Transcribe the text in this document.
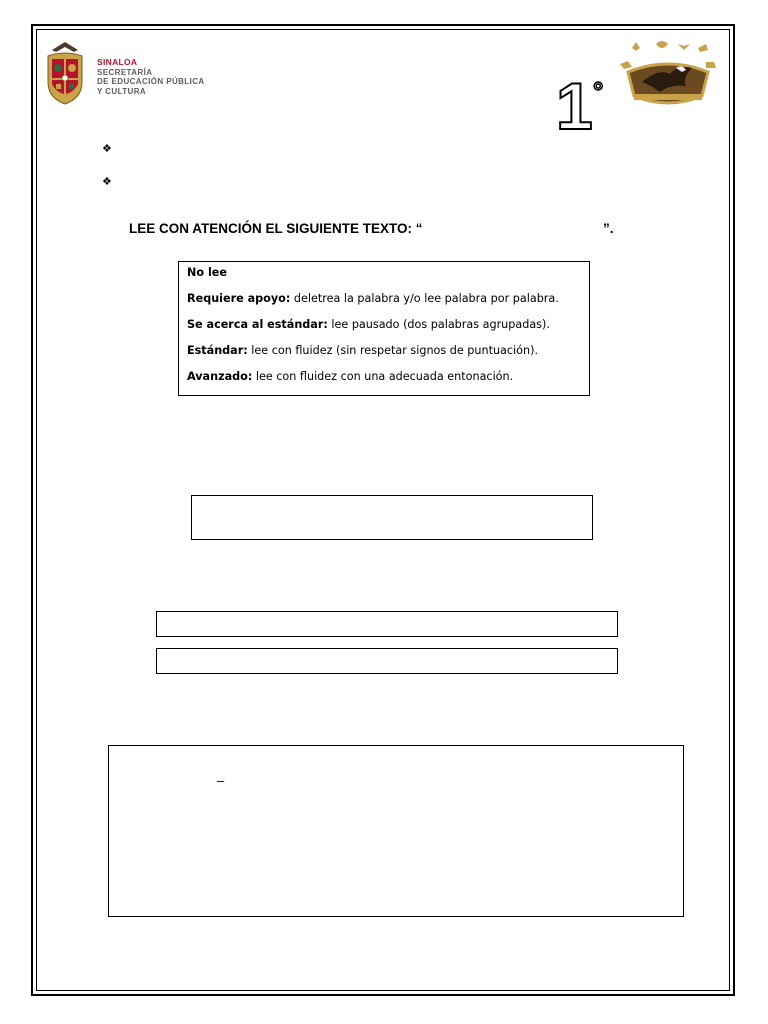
SINALOA
SECRETARÍA
DE EDUCACIÓN PÚBLICA
Y CULTURA	1 °
❖
❖
LEE CON ATENCIÓN EL SIGUIENTE TEXTO: “	”.

No lee

Requiere apoyo: deletrea la palabra y/o lee palabra por palabra.

Se acerca al estándar: lee pausado (dos palabras agrupadas).

Estándar: lee con fluidez (sin respetar signos de puntuación).

Avanzado: lee con fluidez con una adecuada entonación.

–
